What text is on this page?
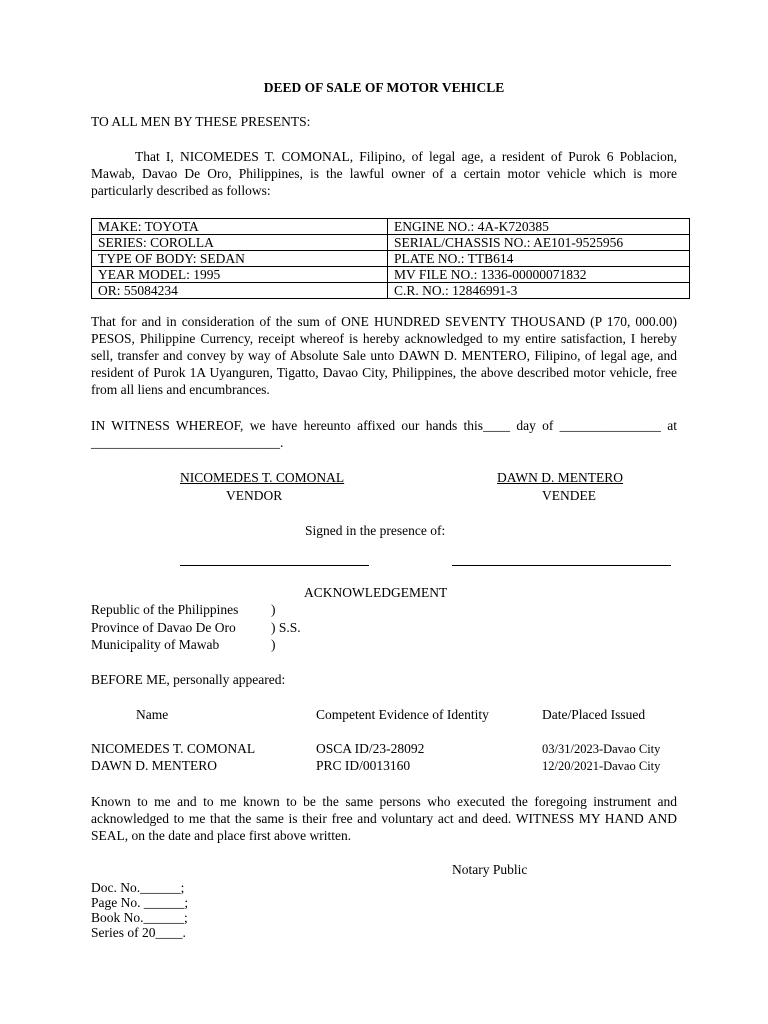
DEED OF SALE OF MOTOR VEHICLE
TO ALL MEN BY THESE PRESENTS:
That I, NICOMEDES T. COMONAL, Filipino, of legal age, a resident of Purok 6 Poblacion, Mawab, Davao De Oro, Philippines, is the lawful owner of a certain motor vehicle which is more particularly described as follows:
MAKE: TOYOTA	ENGINE NO.: 4A-K720385
SERIES: COROLLA	SERIAL/CHASSIS NO.: AE101-9525956
TYPE OF BODY: SEDAN	PLATE NO.: TTB614
YEAR MODEL: 1995	MV FILE NO.: 1336-00000071832
OR: 55084234	C.R. NO.: 12846991-3
That for and in consideration of the sum of ONE HUNDRED SEVENTY THOUSAND (P 170, 000.00) PESOS, Philippine Currency, receipt whereof is hereby acknowledged to my entire satisfaction, I hereby sell, transfer and convey by way of Absolute Sale unto DAWN D. MENTERO, Filipino, of legal age, and resident of Purok 1A Uyanguren, Tigatto, Davao City, Philippines, the above described motor vehicle, free from all liens and encumbrances.
IN WITNESS WHEREOF, we have hereunto affixed our hands this____ day of _______________ at ____________________________.
NICOMEDES T. COMONAL
VENDOR
DAWN D. MENTERO
VENDEE
Signed in the presence of:
ACKNOWLEDGEMENT
Republic of the Philippines )
Province of Davao De Oro	) S.S.
Municipality of Mawab	)
BEFORE ME, personally appeared:
Name	Competent Evidence of Identity	Date/Placed Issued
NICOMEDES T. COMONAL	OSCA ID/23-28092	03/31/2023-Davao City
DAWN D. MENTERO	PRC ID/0013160	12/20/2021-Davao City
Known to me and to me known to be the same persons who executed the foregoing instrument and acknowledged to me that the same is their free and voluntary act and deed. WITNESS MY HAND AND SEAL, on the date and place first above written.
Notary Public
Doc. No.______;
Page No. ______;
Book No.______;
Series of 20____.
